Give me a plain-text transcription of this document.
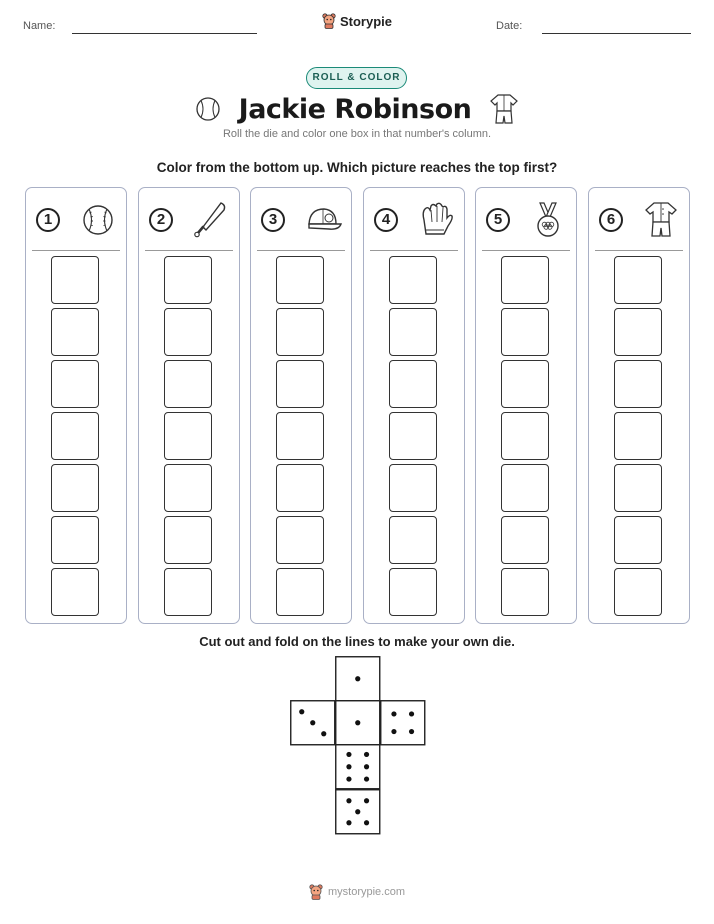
Name:	Storypie	Date:
ROLL & COLOR
Jackie Robinson
Roll the die and color one box in that number's column.
Color from the bottom up. Which picture reaches the top first?
1	2	3	4	5	6
Cut out and fold on the lines to make your own die.
mystorypie.com
